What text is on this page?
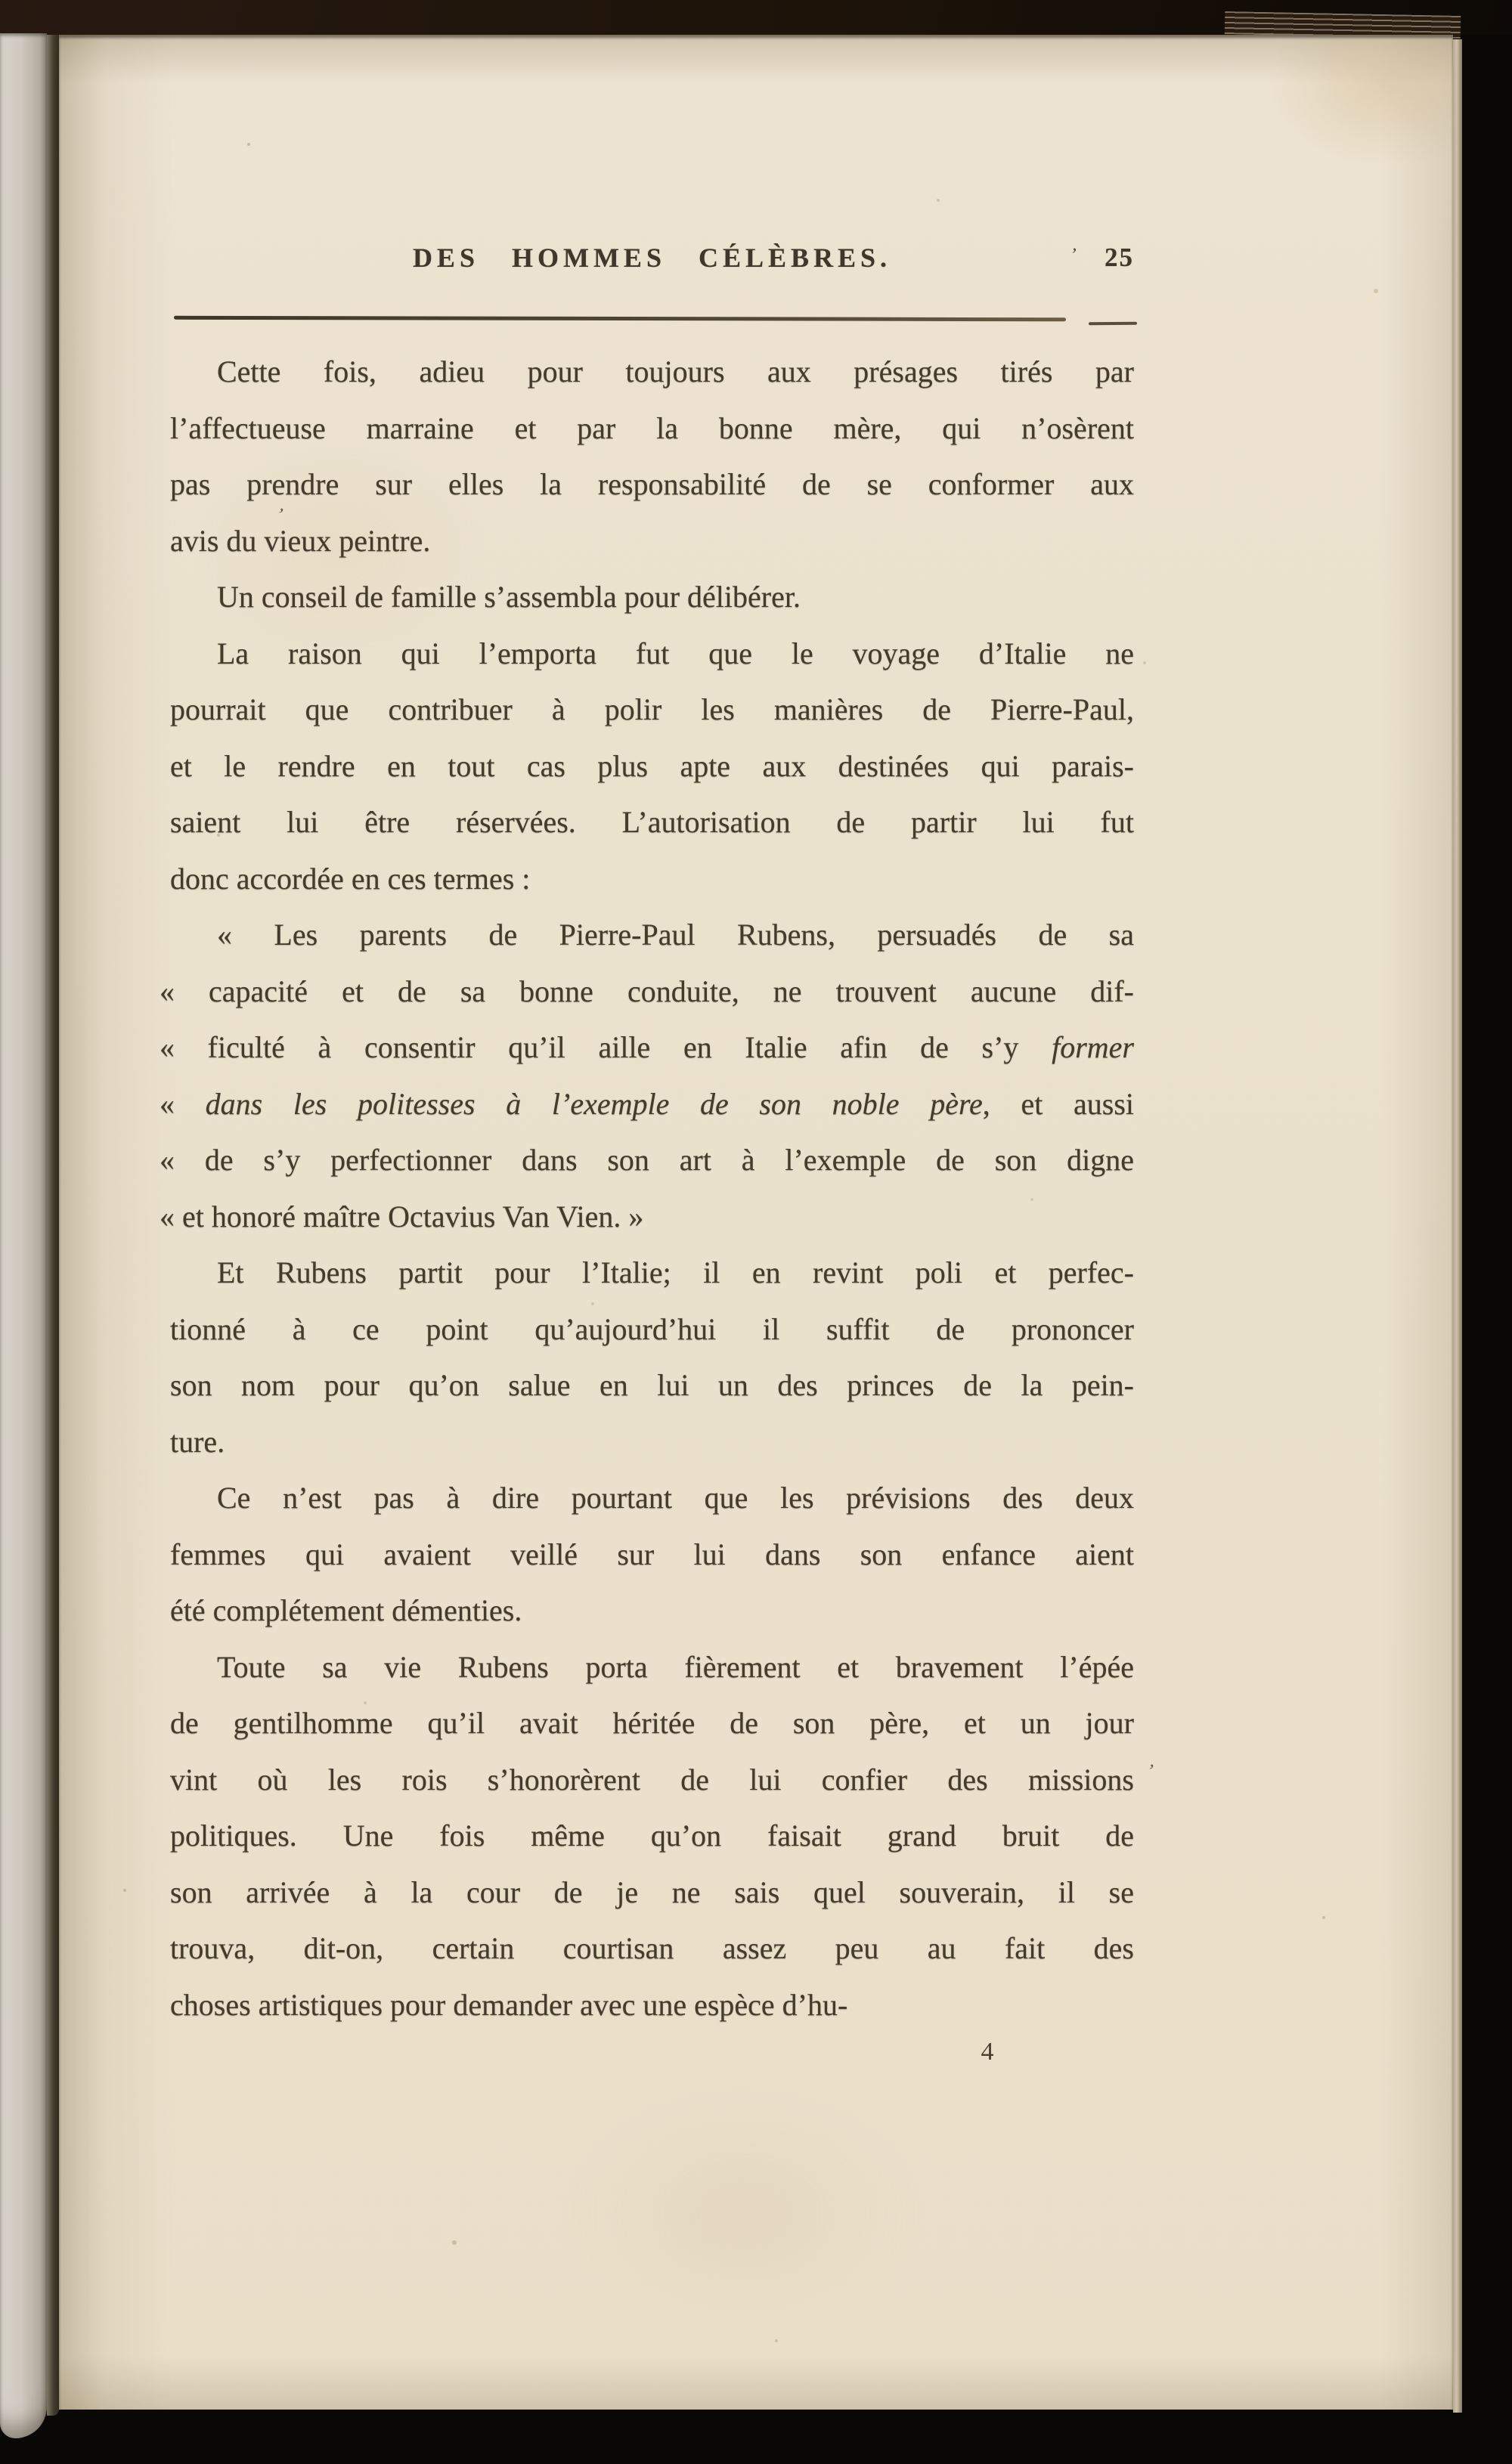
DES HOMMES CÉLÈBRES.	25
’
Cette fois, adieu pour toujours aux présages tirés par
l’affectueuse marraine et par la bonne mère, qui n’osèrent
pas prendre sur elles la responsabilité de se conformer aux
avis du vieux peintre.
Un conseil de famille s’assembla pour délibérer.
La raison qui l’emporta fut que le voyage d’Italie ne
pourrait que contribuer à polir les manières de Pierre-Paul,
et le rendre en tout cas plus apte aux destinées qui parais-
saient lui être réservées. L’autorisation de partir lui fut
donc accordée en ces termes :
« Les parents de Pierre-Paul Rubens, persuadés de sa
« capacité et de sa bonne conduite, ne trouvent aucune dif-
« ficulté à consentir qu’il aille en Italie afin de s’y former
« dans les politesses à l’exemple de son noble père, et aussi
« de s’y perfectionner dans son art à l’exemple de son digne
« et honoré maître Octavius Van Vien. »
Et Rubens partit pour l’Italie; il en revint poli et perfec-
tionné à ce point qu’aujourd’hui il suffit de prononcer
son nom pour qu’on salue en lui un des princes de la pein-
ture.
Ce n’est pas à dire pourtant que les prévisions des deux
femmes qui avaient veillé sur lui dans son enfance aient
été complétement démenties.
Toute sa vie Rubens porta fièrement et bravement l’épée
de gentilhomme qu’il avait héritée de son père, et un jour
vint où les rois s’honorèrent de lui confier des missions
politiques. Une fois même qu’on faisait grand bruit de
son arrivée à la cour de je ne sais quel souverain, il se
trouva, dit-on, certain courtisan assez peu au fait des
choses artistiques pour demander avec une espèce d’hu-
’
’
4
